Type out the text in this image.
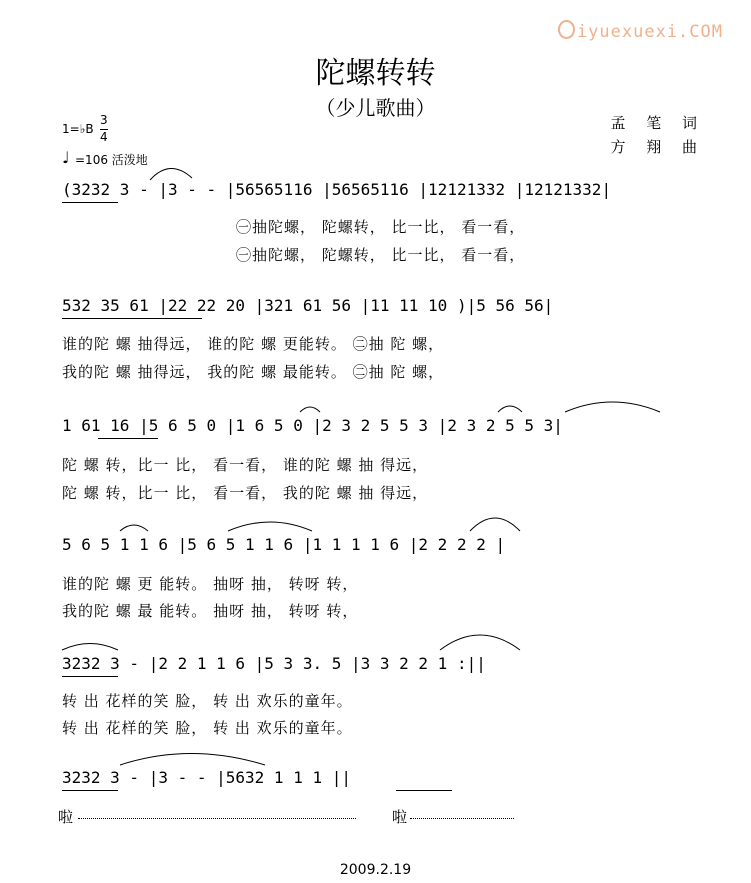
iyuexuexi.COM
陀螺转转
（少儿歌曲）
孟 笔 词
方 翔 曲
1=♭B
3
4
♩ =106 活泼地
(3232 3 - |3 - - |56565116 |56565116 |12121332 |12121332|
㊀抽陀螺， 陀螺转， 比一比， 看一看，
㊀抽陀螺， 陀螺转， 比一比， 看一看，
532 35 61 |22 22 20 |321 61 56 |11 11 10 )|5 56 56|
谁的陀 螺 抽得远， 谁的陀 螺 更能转。 ㊁抽 陀 螺，
我的陀 螺 抽得远， 我的陀 螺 最能转。 ㊁抽 陀 螺，
1 61 16 |5 6 5 0 |1 6 5 0 |2 3 2 5 5 3 |2 3 2 5 5 3|
陀 螺 转，比一 比， 看一看， 谁的陀 螺 抽 得远，
陀 螺 转，比一 比， 看一看， 我的陀 螺 抽 得远，
5 6 5 1 1 6 |5 6 5 1 1 6 |1 1 1 1 6 |2 2 2 2 |
谁的陀 螺 更 能转。 抽呀 抽， 转呀 转，
我的陀 螺 最 能转。 抽呀 抽， 转呀 转，
3232 3 - |2 2 1 1 6 |5 3 3. 5 |3 3 2 2 1 :||
转 出 花样的笑 脸， 转 出 欢乐的童年。
转 出 花样的笑 脸， 转 出 欢乐的童年。
3232 3 - |3 - - |5632 1 1 1 ||
啦	啦
2009.2.19
